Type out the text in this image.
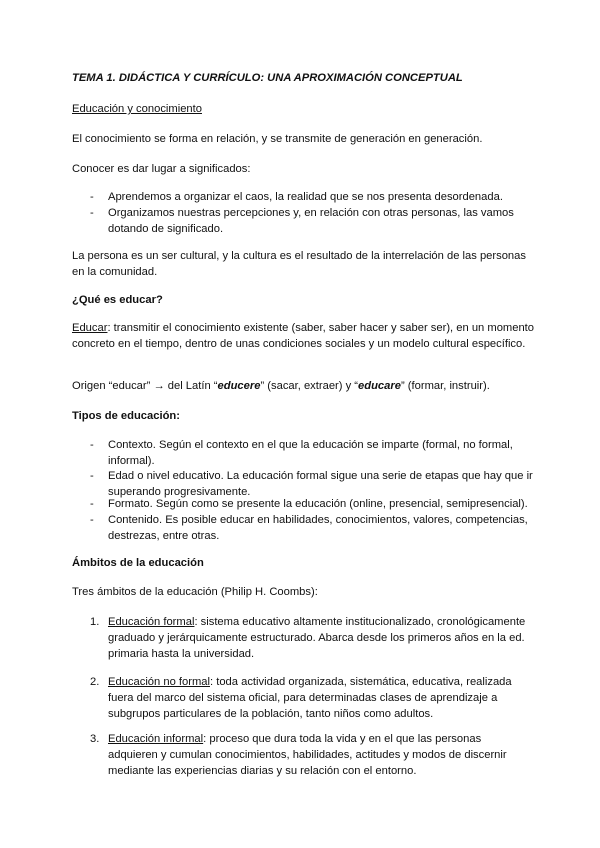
TEMA 1. DIDÁCTICA Y CURRÍCULO: UNA APROXIMACIÓN CONCEPTUAL

Educación y conocimiento

El conocimiento se forma en relación, y se transmite de generación en generación.

Conocer es dar lugar a significados:

- Aprendemos a organizar el caos, la realidad que se nos presenta desordenada.

- Organizamos nuestras percepciones y, en relación con otras personas, las vamos dotando de significado.

La persona es un ser cultural, y la cultura es el resultado de la interrelación de las personas en la comunidad.

¿Qué es educar?

Educar: transmitir el conocimiento existente (saber, saber hacer y saber ser), en un momento concreto en el tiempo, dentro de unas condiciones sociales y un modelo cultural específico.

Origen “educar” → del Latín “educere” (sacar, extraer) y “educare” (formar, instruir).

Tipos de educación:

- Contexto. Según el contexto en el que la educación se imparte (formal, no formal, informal).

- Edad o nivel educativo. La educación formal sigue una serie de etapas que hay que ir superando progresivamente.

- Formato. Según como se presente la educación (online, presencial, semipresencial).

- Contenido. Es posible educar en habilidades, conocimientos, valores, competencias, destrezas, entre otras.

Ámbitos de la educación

Tres ámbitos de la educación (Philip H. Coombs):

1. Educación formal: sistema educativo altamente institucionalizado, cronológicamente graduado y jerárquicamente estructurado. Abarca desde los primeros años en la ed. primaria hasta la universidad.

2. Educación no formal: toda actividad organizada, sistemática, educativa, realizada fuera del marco del sistema oficial, para determinadas clases de aprendizaje a subgrupos particulares de la población, tanto niños como adultos.

3. Educación informal: proceso que dura toda la vida y en el que las personas adquieren y cumulan conocimientos, habilidades, actitudes y modos de discernir mediante las experiencias diarias y su relación con el entorno.
